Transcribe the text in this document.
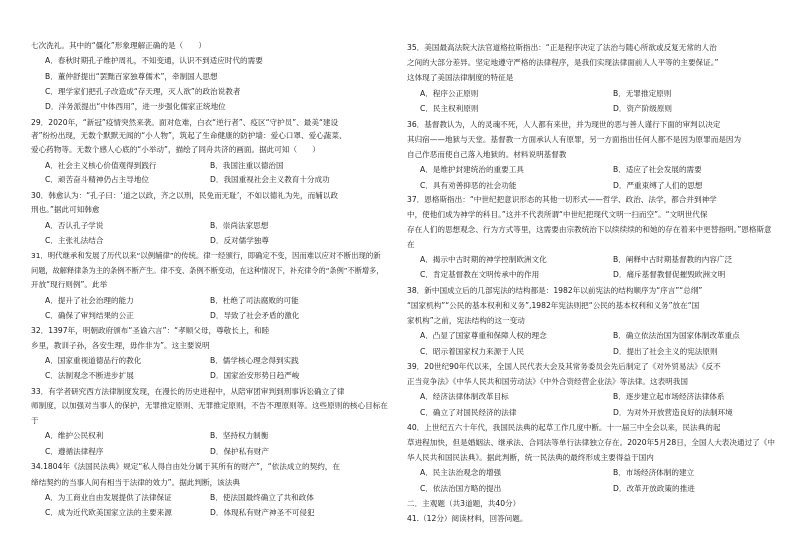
七次洗礼。其中的“僵化”形象理解正确的是（　　）
A．春秋时期孔子维护周礼，不知变通，认识不到适应时代的需要
B．董仲舒提出“罢黜百家独尊儒术”，牵制国人思想
C．理学家们把孔子改造成“存天理，灭人欲”的政治说教者
D．洋务派提出“中体西用”，进一步强化儒家正统地位
29．2020年，“新冠”疫情突然来袭。面对危难，白衣“逆行者”、疫区“守护员”、最美“建设
者”纷纷出现，无数个默默无闻的“小人物”，筑起了生命健康的防护墙：爱心口罩、爱心蔬菜、
爱心药物等。无数个感人心底的“小举动”，描绘了同舟共济的画面。据此可知（　　）
A．社会主义核心价值观得到践行	B．我国注重以德治国
C．顽苦奋斗精神仍占主导地位	D．我国重视社会主义教育十分成功
30．韩愈认为：“孔子曰：‘道之以政，齐之以刑，民免而无耻’，不如以德礼为先，而辅以政
刑也。”据此可知韩愈
A．否认孔子学说	B．崇尚法家思想
C．主张礼法结合	D．反对儒学独尊
31．明代继承和发展了历代以来“以例辅律”的传统。律一经颁行，即确定不变，因而难以应对不断出现的新
问题，故解释律条为主的条例不断产生。律不变、条例不断变动，在这种情况下，补充律令的“条例”不断增多，
开放“现行则例”。此举
A．提升了社会治理的能力	B．杜绝了司法腐败的可能
C．确保了审判结果的公正	D．导致了社会矛盾的激化
32．1397年，明朝政府颁布“圣谕六言”：“孝顺父母，尊敬长上，和睦
乡里，教训子孙，各安生理，毋作非为”。这主要说明
A．国家重视道德品行的教化	B．儒学核心理念得到实践
C．法制观念不断进步扩展	D．国家治安形势日趋严峻
33．有学者研究西方法律制度发现，在漫长的历史进程中，从陪审团审判到刑事诉讼确立了律
师制度，以加强对当事人的保护，无罪推定原则、无罪推定原则，不告不理原则等。这些原则的核心目标在
于
A．维护公民权利	B．坚持权力制衡
C．遵循法律程序	D．保护私有财产
34.1804年《法国民法典》规定“私人得自由处分属于其所有的财产”，“依法成立的契约，在
缔结契约的当事人间有相当于法律的效力”。据此判断，该法典
A．为工商业自由发展提供了法律保证	B．使法国最终确立了共和政体
C．成为近代欧美国家立法的主要来源	D．体现私有财产神圣不可侵犯
35．美国最高法院大法官道格拉斯指出：“正是程序决定了法治与随心所欲或反复无常的人治
之间的大部分差异。坚定地遵守严格的法律程序，是我们实现法律面前人人平等的主要保证。”
这体现了美国法律制度的特征是
A．程序公正原则	B．无罪推定原则
C．民主权利原则	D．资产阶级原则
36．基督教认为，人的灵魂不死，人人都有来世，并为现世的恶与善人谨行下面的审判以决定
其归宿——地狱与天堂。基督教一方面承认人有原罪，另一方面指出任何人都不是因为原罪而是因为
自己作恶而使自己落入地狱的。材料说明基督教
A．是维护封建统治的重要工具	B．适应了社会发展的需要
C．具有劝善抑恶的社会功能	D．严重束缚了人们的思想
37．恩格斯指出：“中世纪把意识形态的其他一切形式——哲学、政治、法学，都合并到神学
中，使他们成为神学的科目。”这并不代表所谓“中世纪把现代文明一扫而空”。“文明世代保
存在人们的思想观念、行为方式等里，这需要由宗教统治下以续续续的和她的存在着来中更替指明。”恩格斯意
在
A．揭示中古时期的神学控制欧洲文化	B．阐释中古时期基督教的内容广泛
C．肯定基督教在文明传承中的作用	D．痛斥基督教督促摧毁欧洲文明
38．新中国成立后的几部宪法的结构都是：1982年以前宪法的结构顺序为“序言”“总纲”
“国家机构”“公民的基本权利和义务”,1982年宪法则把“公民的基本权利和义务”放在“国
家机构”之前，宪法结构的这一变动
A．凸显了国家尊重和保障人权的理念	B．确立依法治国为国家体制改革重点
C．昭示着国家权力来源于人民	D．提出了社会主义的宪法原则
39．20世纪90年代以来，全国人民代表大会及其常务委员会先后制定了《对外贸易法》《反不
正当竞争法》《中华人民共和国劳动法》《中外合资经营企业法》等法律。这表明我国
A．经济法律体制改革目标	B．逐步建立起市场经济法律体系
C．确立了对国民经济的法律	D．为对外开放营造良好的法制环境
40．上世纪五六十年代，我国民法典的起草工作几度中断。十一届三中全会以来，民法典的起
草进程加快，但是婚姻法、继承法、合同法等单行法律独立存在。2020年5月28日，全国人大表决通过了《中
华人民共和国民法典》。据此判断，统一民法典的最终形成主要得益于国内
A．民主法治观念的增强	B．市场经济体制的建立
C．依法治国方略的提出	D．改革开放政策的推进
二．主观题（共3道题，共40分）
41.（12分）阅读材料，回答问题。
